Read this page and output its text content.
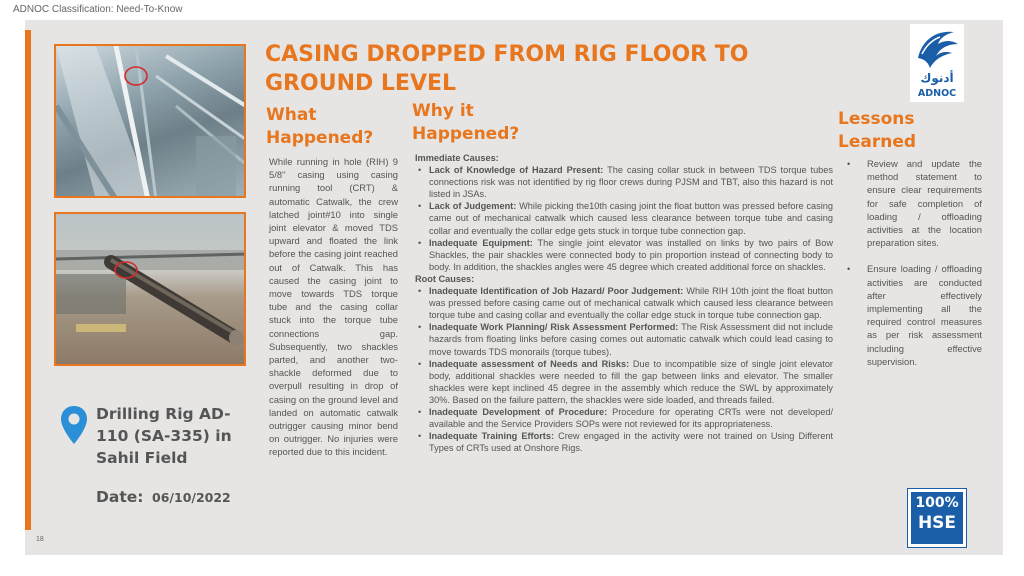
ADNOC Classification: Need-To-Know
CASING DROPPED FROM RIG FLOOR TO GROUND LEVEL
What Happened?
Why it Happened?
Lessons Learned
While running in hole (RIH) 9 5/8'' casing using casing running tool (CRT) & automatic Catwalk, the crew latched joint#10 into single joint elevator & moved TDS upward and floated the link before the casing joint reached out of Catwalk. This has caused the casing joint to move towards TDS torque tube and the casing collar stuck into the torque tube connections gap. Subsequently, two shackles parted, and another two-shackle deformed due to overpull resulting in drop of casing on the ground level and landed on automatic catwalk outrigger causing minor bend on outrigger. No injuries were reported due to this incident.
Immediate Causes:
• Lack of Knowledge of Hazard Present: The casing collar stuck in between TDS torque tubes connections risk was not identified by rig floor crews during PJSM and TBT, also this hazard is not listed in JSAs.
• Lack of Judgement: While picking the10th casing joint the float button was pressed before casing came out of mechanical catwalk which caused less clearance between torque tube and casing collar and eventually the collar edge gets stuck in torque tube connection gap.
• Inadequate Equipment: The single joint elevator was installed on links by two pairs of Bow Shackles, the pair shackles were connected body to pin proportion instead of connecting body to body. In addition, the shackles angles were 45 degree which created additional force on shackles.
Root Causes:
• Inadequate Identification of Job Hazard/ Poor Judgement: While RIH 10th joint the float button was pressed before casing came out of mechanical catwalk which caused less clearance between torque tube and casing collar and eventually the collar edge stuck in torque tube connection gap.
• Inadequate Work Planning/ Risk Assessment Performed: The Risk Assessment did not include hazards from floating links before casing comes out automatic catwalk which could lead casing to move towards TDS monorails (torque tubes).
• Inadequate assessment of Needs and Risks: Due to incompatible size of single joint elevator body, additional shackles were needed to fill the gap between links and elevator. The smaller shackles were kept inclined 45 degree in the assembly which reduce the SWL by approximately 30%. Based on the failure pattern, the shackles were side loaded, and threads failed.
• Inadequate Development of Procedure: Procedure for operating CRTs were not developed/ available and the Service Providers SOPs were not reviewed for its appropriateness.
• Inadequate Training Efforts: Crew engaged in the activity were not trained on Using Different Types of CRTs used at Onshore Rigs.
• Review and update the method statement to ensure clear requirements for safe completion of loading / offloading activities at the location preparation sites.
• Ensure loading / offloading activities are conducted after effectively implementing all the required control measures as per risk assessment including effective supervision.
Drilling Rig AD-110 (SA-335) in Sahil Field
Date: 06/10/2022
18
أدنوك
ADNOC
100%
HSE
